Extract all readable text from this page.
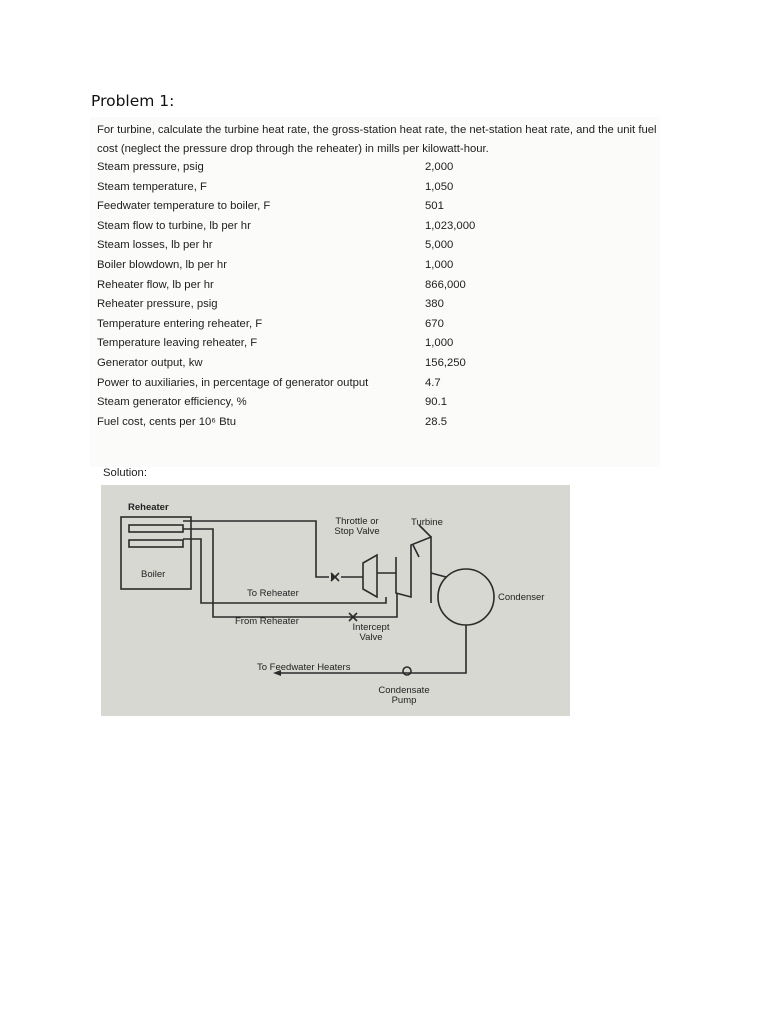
Problem 1:
For turbine, calculate the turbine heat rate, the gross-station heat rate, the net-station heat rate, and the unit fuel cost (neglect the pressure drop through the reheater) in mills per kilowatt-hour.
Steam pressure, psig	2,000
Steam temperature, F	1,050
Feedwater temperature to boiler, F	501
Steam flow to turbine, lb per hr	1,023,000
Steam losses, lb per hr	5,000
Boiler blowdown, lb per hr	1,000
Reheater flow, lb per hr	866,000
Reheater pressure, psig	380
Temperature entering reheater, F	670
Temperature leaving reheater, F	1,000
Generator output, kw	156,250
Power to auxiliaries, in percentage of generator output	4.7
Steam generator efficiency, %	90.1
Fuel cost, cents per 10⁶ Btu	28.5
Solution:
Reheater
Boiler
Throttle or
Stop Valve
Turbine
Condenser
To Reheater
From Reheater
Intercept
Valve
To Feedwater Heaters
Condensate
Pump
